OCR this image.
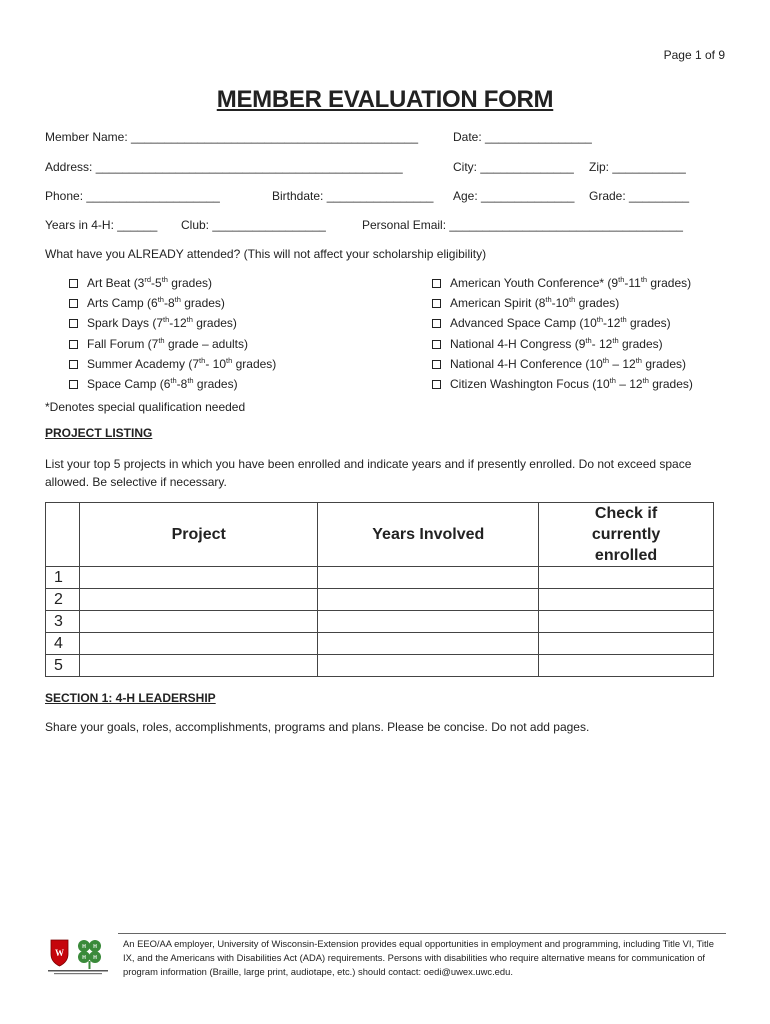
Page 1 of 9
MEMBER EVALUATION FORM
Member Name: ___________________________________________	Date: ________________
Address: ______________________________________________	City: ______________ Zip: ___________
Phone: ____________________	Birthdate: ________________ Age: ______________ Grade: _________
Years in 4-H: ______ Club: _________________	Personal Email: ___________________________________
What have you ALREADY attended? (This will not affect your scholarship eligibility)
Art Beat (3rd-5th grades)
Arts Camp (6th-8th grades)
Spark Days (7th-12th grades)
Fall Forum (7th grade – adults)
Summer Academy (7th- 10th grades)
Space Camp (6th-8th grades)
American Youth Conference* (9th-11th grades)
American Spirit (8th-10th grades)
Advanced Space Camp (10th-12th grades)
National 4-H Congress (9th- 12th grades)
National 4-H Conference (10th – 12th grades)
Citizen Washington Focus (10th – 12th grades)
*Denotes special qualification needed
PROJECT LISTING
List your top 5 projects in which you have been enrolled and indicate years and if presently enrolled. Do not exceed space allowed. Be selective if necessary.
	Project	Years Involved	Check if currently enrolled
1			
2			
3			
4			
5			
SECTION 1: 4-H LEADERSHIP
Share your goals, roles, accomplishments, programs and plans. Please be concise. Do not add pages.
W
H H
H H
An EEO/AA employer, University of Wisconsin-Extension provides equal opportunities in employment and programming, including Title VI, Title IX, and the Americans with Disabilities Act (ADA) requirements. Persons with disabilities who require alternative means for communication of program information (Braille, large print, audiotape, etc.) should contact: oedi@uwex.uwc.edu.
